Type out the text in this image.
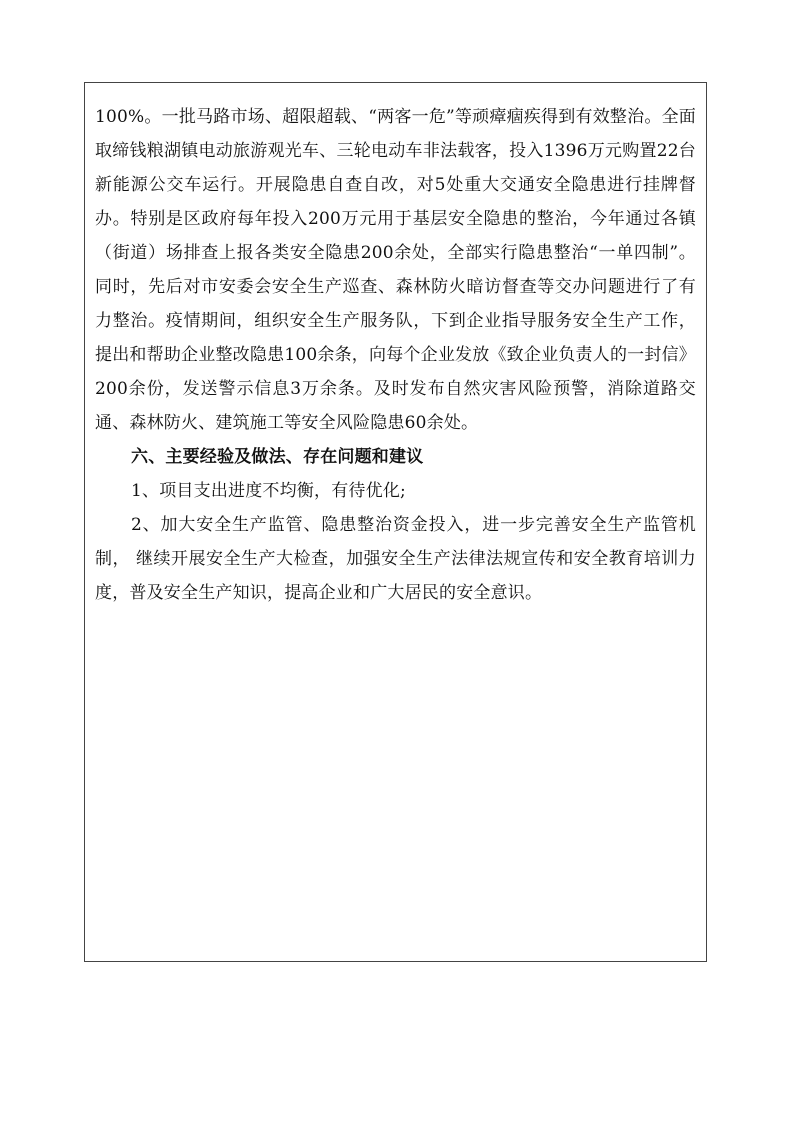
100%。一批马路市场、超限超载、“两客一危”等顽瘴痼疾得到有效整治。全面取缔钱粮湖镇电动旅游观光车、三轮电动车非法载客，投入1396万元购置22台新能源公交车运行。开展隐患自查自改，对5处重大交通安全隐患进行挂牌督办。特别是区政府每年投入200万元用于基层安全隐患的整治，今年通过各镇（街道）场排查上报各类安全隐患200余处，全部实行隐患整治“一单四制”。同时，先后对市安委会安全生产巡查、森林防火暗访督查等交办问题进行了有力整治。疫情期间，组织安全生产服务队，下到企业指导服务安全生产工作，提出和帮助企业整改隐患100余条，向每个企业发放《致企业负责人的一封信》200余份，发送警示信息3万余条。及时发布自然灾害风险预警，消除道路交通、森林防火、建筑施工等安全风险隐患60余处。

六、主要经验及做法、存在问题和建议

1、项目支出进度不均衡，有待优化;

2、加大安全生产监管、隐患整治资金投入，进一步完善安全生产监管机制， 继续开展安全生产大检查，加强安全生产法律法规宣传和安全教育培训力度，普及安全生产知识，提高企业和广大居民的安全意识。
